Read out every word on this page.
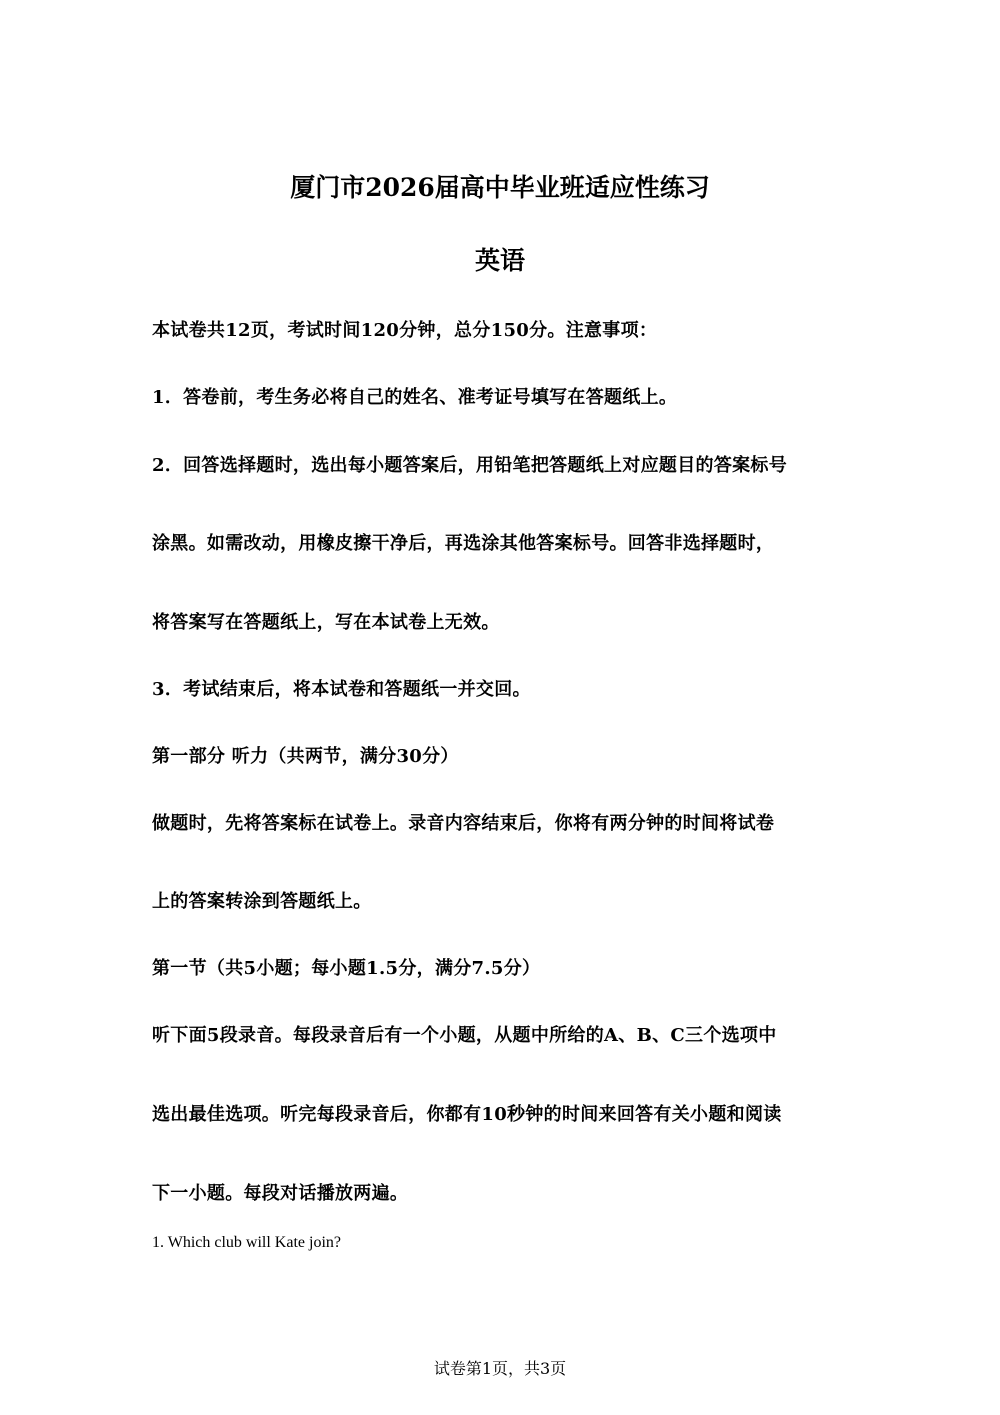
厦门市2026届高中毕业班适应性练习
英语
本试卷共12页，考试时间120分钟，总分150分。注意事项：
1．答卷前，考生务必将自己的姓名、准考证号填写在答题纸上。
2．回答选择题时，选出每小题答案后，用铅笔把答题纸上对应题目的答案标号
涂黑。如需改动，用橡皮擦干净后，再选涂其他答案标号。回答非选择题时，
将答案写在答题纸上，写在本试卷上无效。
3．考试结束后，将本试卷和答题纸一并交回。
第一部分 听力（共两节，满分30分）
做题时，先将答案标在试卷上。录音内容结束后，你将有两分钟的时间将试卷
上的答案转涂到答题纸上。
第一节（共5小题；每小题1.5分，满分7.5分）
听下面5段录音。每段录音后有一个小题，从题中所给的A、B、C三个选项中
选出最佳选项。听完每段录音后，你都有10秒钟的时间来回答有关小题和阅读
下一小题。每段对话播放两遍。
1. Which club will Kate join?
试卷第1页，共3页
